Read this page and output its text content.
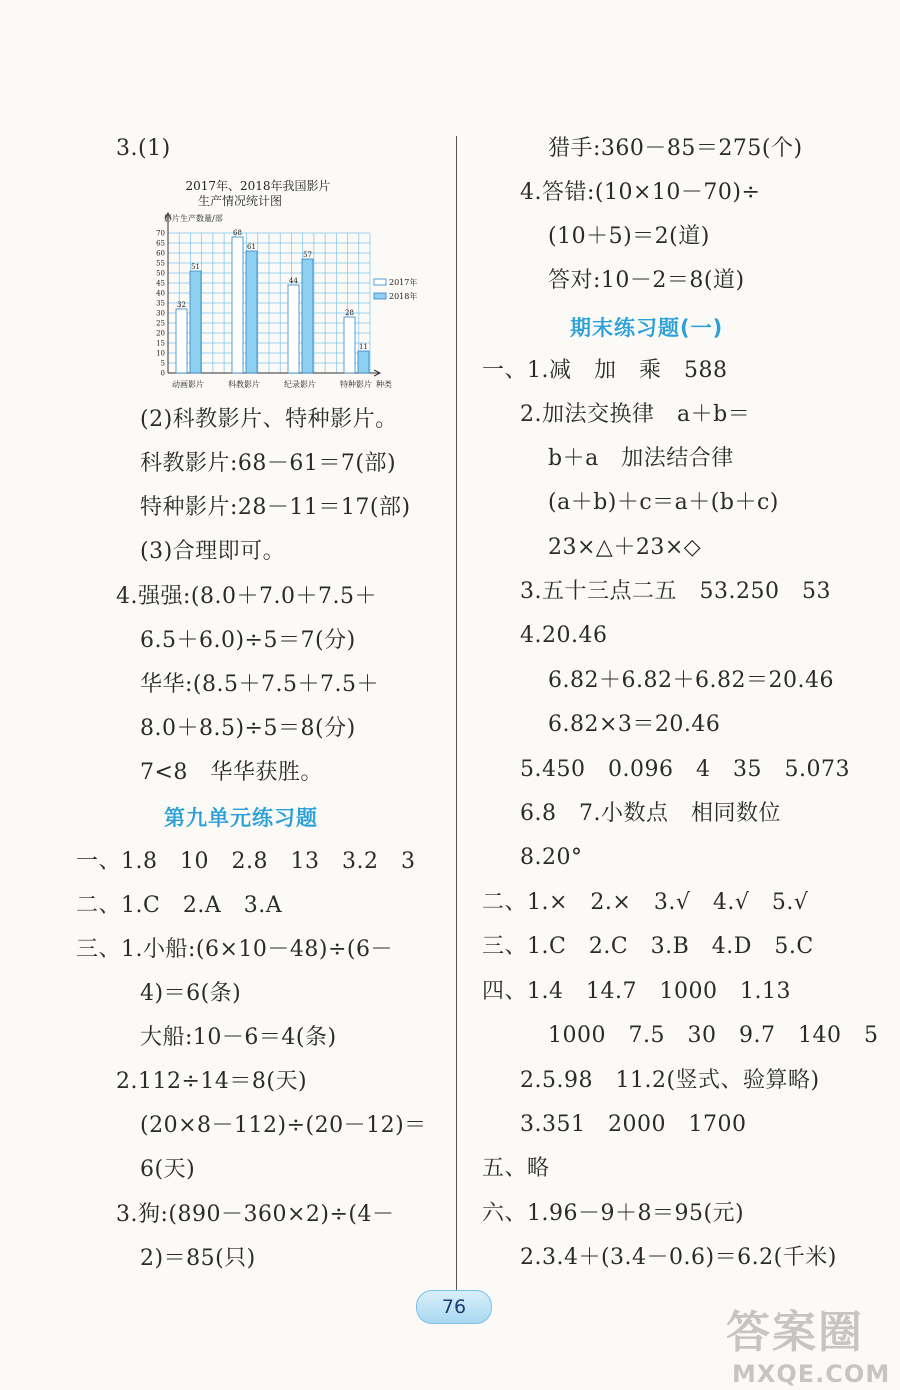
3.(1)
2017年、2018年我国影片
生产情况统计图
影片生产数量/部
32
51
68
61
44
57
28
11
0
5
10
15
20
25
30
35
40
45
50
55
60
65
70
动画影片	科教影片	纪录影片	特种影片 种类
2017年
2018年
(2)科教影片、特种影片。
科教影片:68－61＝7(部)
特种影片:28－11＝17(部)
(3)合理即可。
4.强强:(8.0＋7.0＋7.5＋
6.5＋6.0)÷5＝7(分)
华华:(8.5＋7.5＋7.5＋
8.0＋8.5)÷5＝8(分)
7<8　华华获胜。
第九单元练习题
一、1.8　10　2.8　13　3.2　3
二、1.C　2.A　3.A
三、1.小船:(6×10－48)÷(6－
4)＝6(条)
大船:10－6＝4(条)
2.112÷14＝8(天)
(20×8－112)÷(20－12)＝
6(天)
3.狗:(890－360×2)÷(4－
2)＝85(只)
猎手:360－85＝275(个)
4.答错:(10×10－70)÷
(10＋5)＝2(道)
答对:10－2＝8(道)
期末练习题(一)
一、1.减　加　乘　588
2.加法交换律　a＋b＝
b＋a　加法结合律
(a＋b)＋c＝a＋(b＋c)
23×△＋23×◇
3.五十三点二五　53.250　53
4.20.46
6.82＋6.82＋6.82＝20.46
6.82×3＝20.46
5.450　0.096　4　35　5.073
6.8　7.小数点　相同数位
8.20°
二、1.×　2.×　3.√　4.√　5.√
三、1.C　2.C　3.B　4.D　5.C
四、1.4　14.7　1000　1.13
1000　7.5　30　9.7　140　5
2.5.98　11.2(竖式、验算略)
3.351　2000　1700
五、略
六、1.96－9＋8＝95(元)
2.3.4＋(3.4－0.6)＝6.2(千米)
76	答案圈
MXQE.COM
